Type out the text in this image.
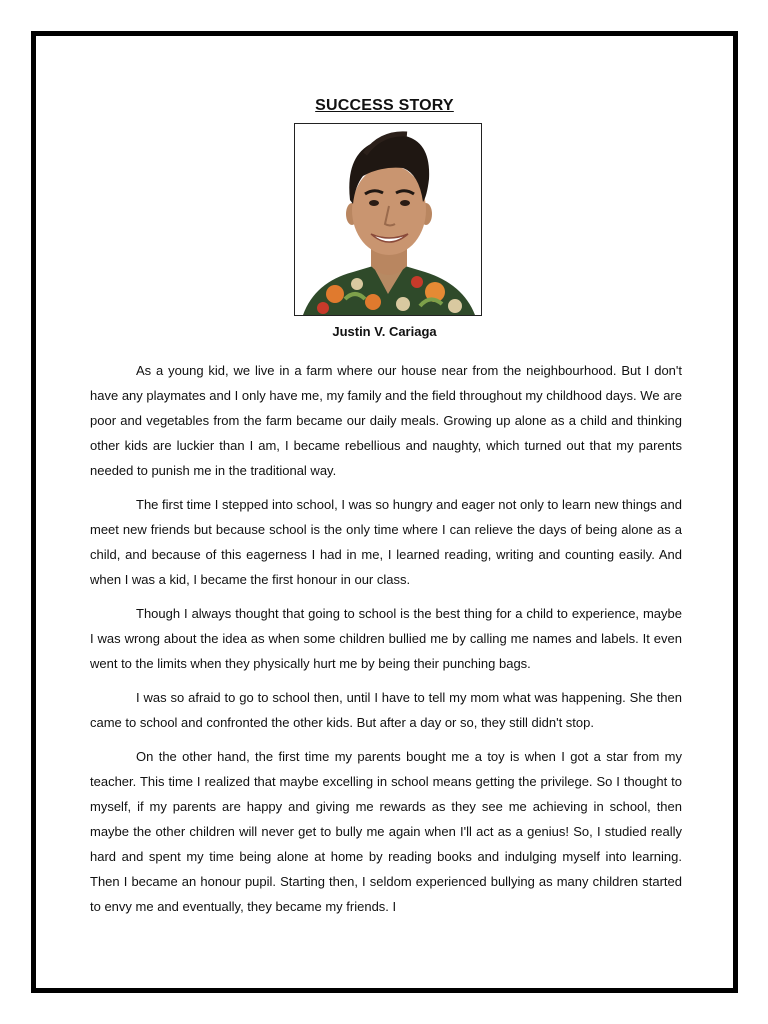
SUCCESS STORY
Justin V. Cariaga

As a young kid, we live in a farm where our house near from the neighbourhood. But I don't have any playmates and I only have me, my family and the field throughout my childhood days. We are poor and vegetables from the farm became our daily meals. Growing up alone as a child and thinking other kids are luckier than I am, I became rebellious and naughty, which turned out that my parents needed to punish me in the traditional way.

The first time I stepped into school, I was so hungry and eager not only to learn new things and meet new friends but because school is the only time where I can relieve the days of being alone as a child, and because of this eagerness I had in me, I learned reading, writing and counting easily. And when I was a kid, I became the first honour in our class.

Though I always thought that going to school is the best thing for a child to experience, maybe I was wrong about the idea as when some children bullied me by calling me names and labels. It even went to the limits when they physically hurt me by being their punching bags.

I was so afraid to go to school then, until I have to tell my mom what was happening. She then came to school and confronted the other kids. But after a day or so, they still didn't stop.

On the other hand, the first time my parents bought me a toy is when I got a star from my teacher. This time I realized that maybe excelling in school means getting the privilege. So I thought to myself, if my parents are happy and giving me rewards as they see me achieving in school, then maybe the other children will never get to bully me again when I'll act as a genius! So, I studied really hard and spent my time being alone at home by reading books and indulging myself into learning. Then I became an honour pupil. Starting then, I seldom experienced bullying as many children started to envy me and eventually, they became my friends. I
